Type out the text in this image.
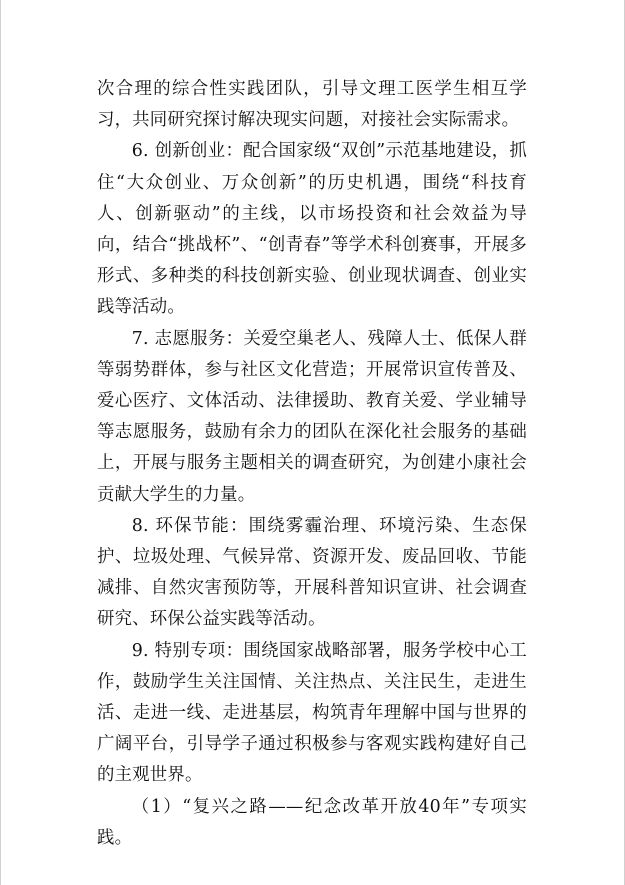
次合理的综合性实践团队，引导文理工医学生相互学习，共同研究探讨解决现实问题，对接社会实际需求。

6. 创新创业：配合国家级“双创”示范基地建设，抓住“大众创业、万众创新”的历史机遇，围绕“科技育人、创新驱动”的主线，以市场投资和社会效益为导向，结合“挑战杯”、“创青春”等学术科创赛事，开展多形式、多种类的科技创新实验、创业现状调查、创业实践等活动。

7. 志愿服务：关爱空巢老人、残障人士、低保人群等弱势群体，参与社区文化营造；开展常识宣传普及、爱心医疗、文体活动、法律援助、教育关爱、学业辅导等志愿服务，鼓励有余力的团队在深化社会服务的基础上，开展与服务主题相关的调查研究，为创建小康社会贡献大学生的力量。

8. 环保节能：围绕雾霾治理、环境污染、生态保护、垃圾处理、气候异常、资源开发、废品回收、节能减排、自然灾害预防等，开展科普知识宣讲、社会调查研究、环保公益实践等活动。

9. 特别专项：围绕国家战略部署，服务学校中心工作，鼓励学生关注国情、关注热点、关注民生，走进生活、走进一线、走进基层，构筑青年理解中国与世界的广阔平台，引导学子通过积极参与客观实践构建好自己的主观世界。

（1）“复兴之路——纪念改革开放40年”专项实践。
